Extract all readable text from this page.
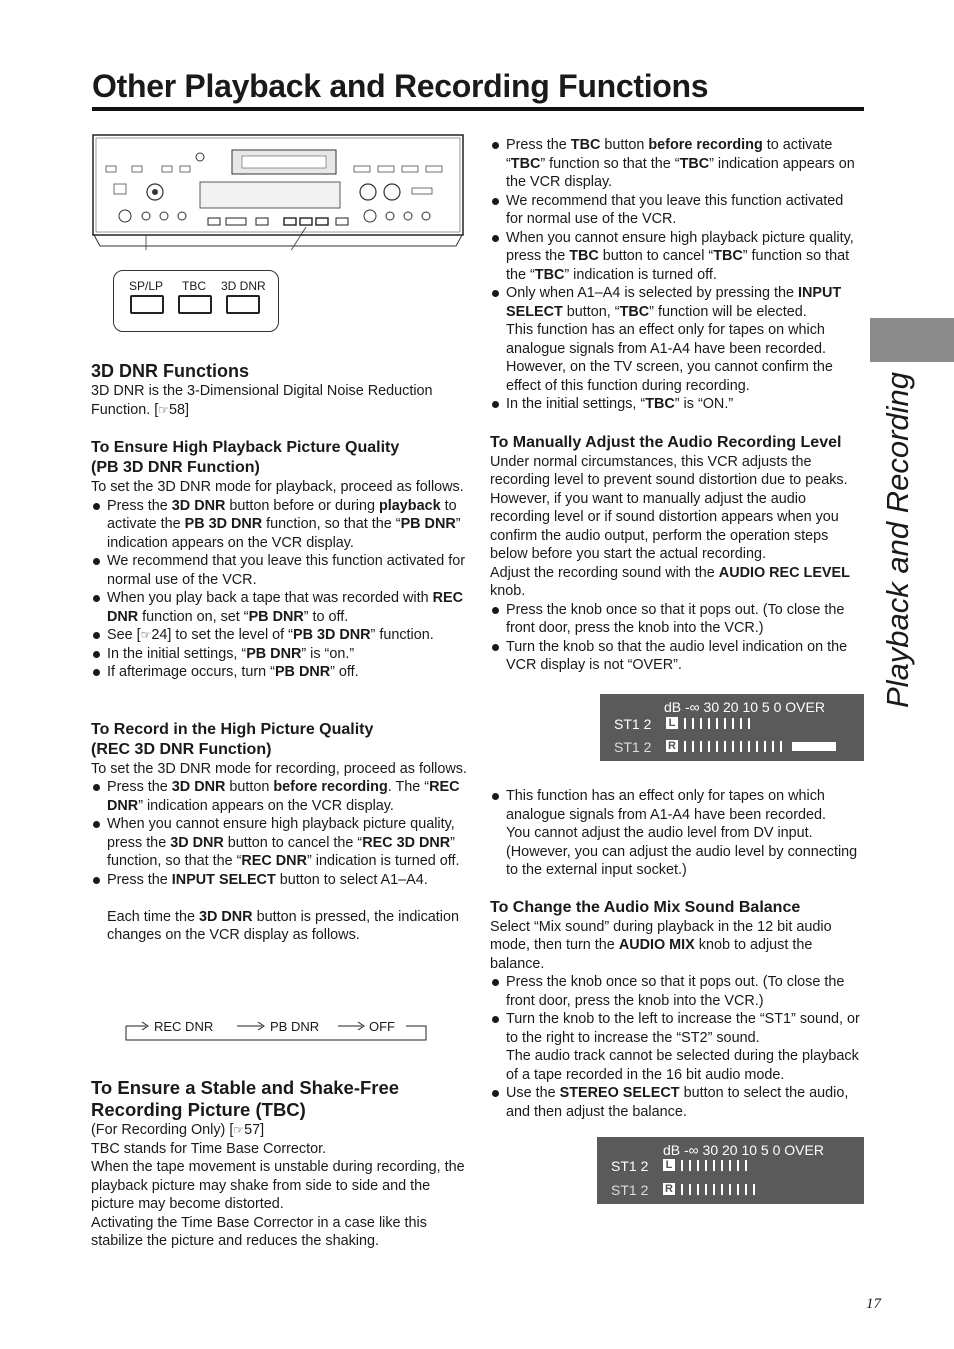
Other Playback and Recording Functions
Playback and Recording
SP/LP TBC 3D DNR
3D DNR Functions

3D DNR is the 3-Dimensional Digital Noise Reduction
Function. [☞58]

To Ensure High Playback Picture Quality
(PB 3D DNR Function)

To set the 3D DNR mode for playback, proceed as follows.

Press the 3D DNR button before or during playback to activate the PB 3D DNR function, so that the “PB DNR” indication appears on the VCR display.
We recommend that you leave this function activated for normal use of the VCR.
When you play back a tape that was recorded with REC DNR function on, set “PB DNR” to off.
See [☞24] to set the level of “PB 3D DNR” function.
In the initial settings, “PB DNR” is “on.”
If afterimage occurs, turn “PB DNR” off.
To Record in the High Picture Quality
(REC 3D DNR Function)

To set the 3D DNR mode for recording, proceed as follows.

Press the 3D DNR button before recording. The “REC DNR” indication appears on the VCR display.
When you cannot ensure high playback picture quality, press the 3D DNR button to cancel the “REC 3D DNR” function, so that the “REC DNR” indication is turned off.
Press the INPUT SELECT button to select A1–A4.
Each time the 3D DNR button is pressed, the indication changes on the VCR display as follows.
REC DNR	PB DNR	OFF
To Ensure a Stable and Shake-Free
Recording Picture (TBC)

(For Recording Only) [☞57]

TBC stands for Time Base Corrector.

When the tape movement is unstable during recording, the playback picture may shake from side to side and the picture may become distorted.

Activating the Time Base Corrector in a case like this stabilize the picture and reduces the shaking.

Press the TBC button before recording to activate “TBC” function so that the “TBC” indication appears on the VCR display.
We recommend that you leave this function activated for normal use of the VCR.
When you cannot ensure high playback picture quality, press the TBC button to cancel “TBC” function so that the “TBC” indication is turned off.
Only when A1–A4 is selected by pressing the INPUT SELECT button, “TBC” function will be elected.
This function has an effect only for tapes on which analogue signals from A1-A4 have been recorded. However, on the TV screen, you cannot confirm the effect of this function during recording.
In the initial settings, “TBC” is “ON.”
To Manually Adjust the Audio Recording Level

Under normal circumstances, this VCR adjusts the recording level to prevent sound distortion due to peaks. However, if you want to manually adjust the audio recording level or if sound distortion appears when you confirm the audio output, perform the operation steps below before you start the actual recording.

Adjust the recording sound with the AUDIO REC LEVEL knob.

Press the knob once so that it pops out. (To close the front door, press the knob into the VCR.)
Turn the knob so that the audio level indication on the VCR display is not “OVER”.
dB -∞ 30 20 10 5 0 OVER
ST1 2 L
ST1 2 R
This function has an effect only for tapes on which analogue signals from A1-A4 have been recorded.
You cannot adjust the audio level from DV input. (However, you can adjust the audio level by connecting to the external input socket.)
To Change the Audio Mix Sound Balance

Select “Mix sound” during playback in the 12 bit audio mode, then turn the AUDIO MIX knob to adjust the balance.

Press the knob once so that it pops out. (To close the front door, press the knob into the VCR.)
Turn the knob to the left to increase the “ST1” sound, or to the right to increase the “ST2” sound.
The audio track cannot be selected during the playback of a tape recorded in the 16 bit audio mode.
Use the STEREO SELECT button to select the audio, and then adjust the balance.
dB -∞ 30 20 10 5 0 OVER
ST1 2 L
ST1 2 R
17
